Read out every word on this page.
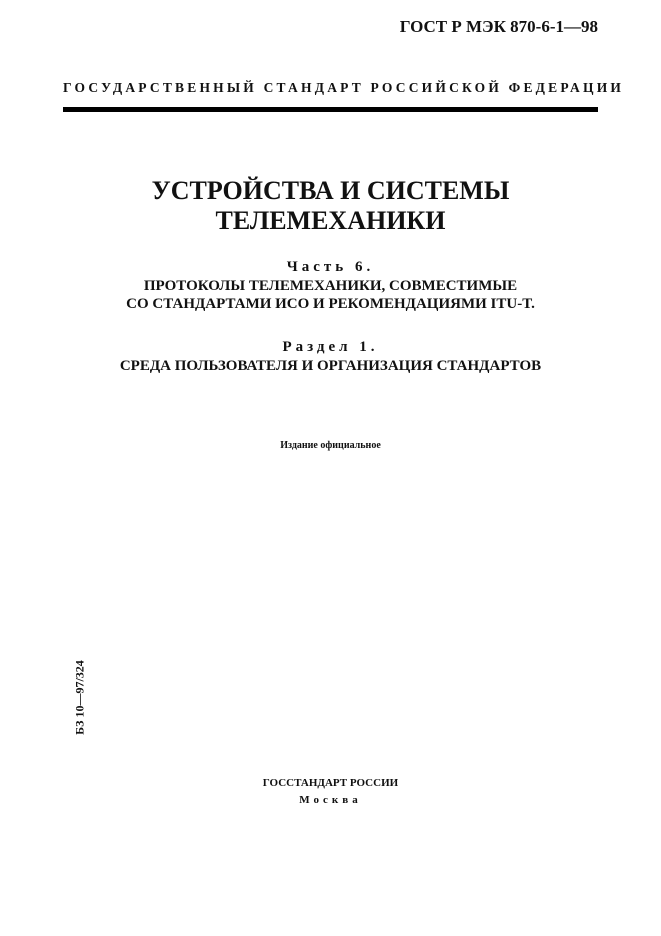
ГОСТ Р МЭК 870-6-1—98
ГОСУДАРСТВЕННЫЙ СТАНДАРТ РОССИЙСКОЙ ФЕДЕРАЦИИ
УСТРОЙСТВА И СИСТЕМЫ
ТЕЛЕМЕХАНИКИ
Часть 6.
ПРОТОКОЛЫ ТЕЛЕМЕХАНИКИ, СОВМЕСТИМЫЕ
СО СТАНДАРТАМИ ИСО И РЕКОМЕНДАЦИЯМИ ITU-T.
Раздел 1.
СРЕДА ПОЛЬЗОВАТЕЛЯ И ОРГАНИЗАЦИЯ СТАНДАРТОВ
Издание официальное
БЗ 10—97/324
ГОССТАНДАРТ РОССИИ
Москва
